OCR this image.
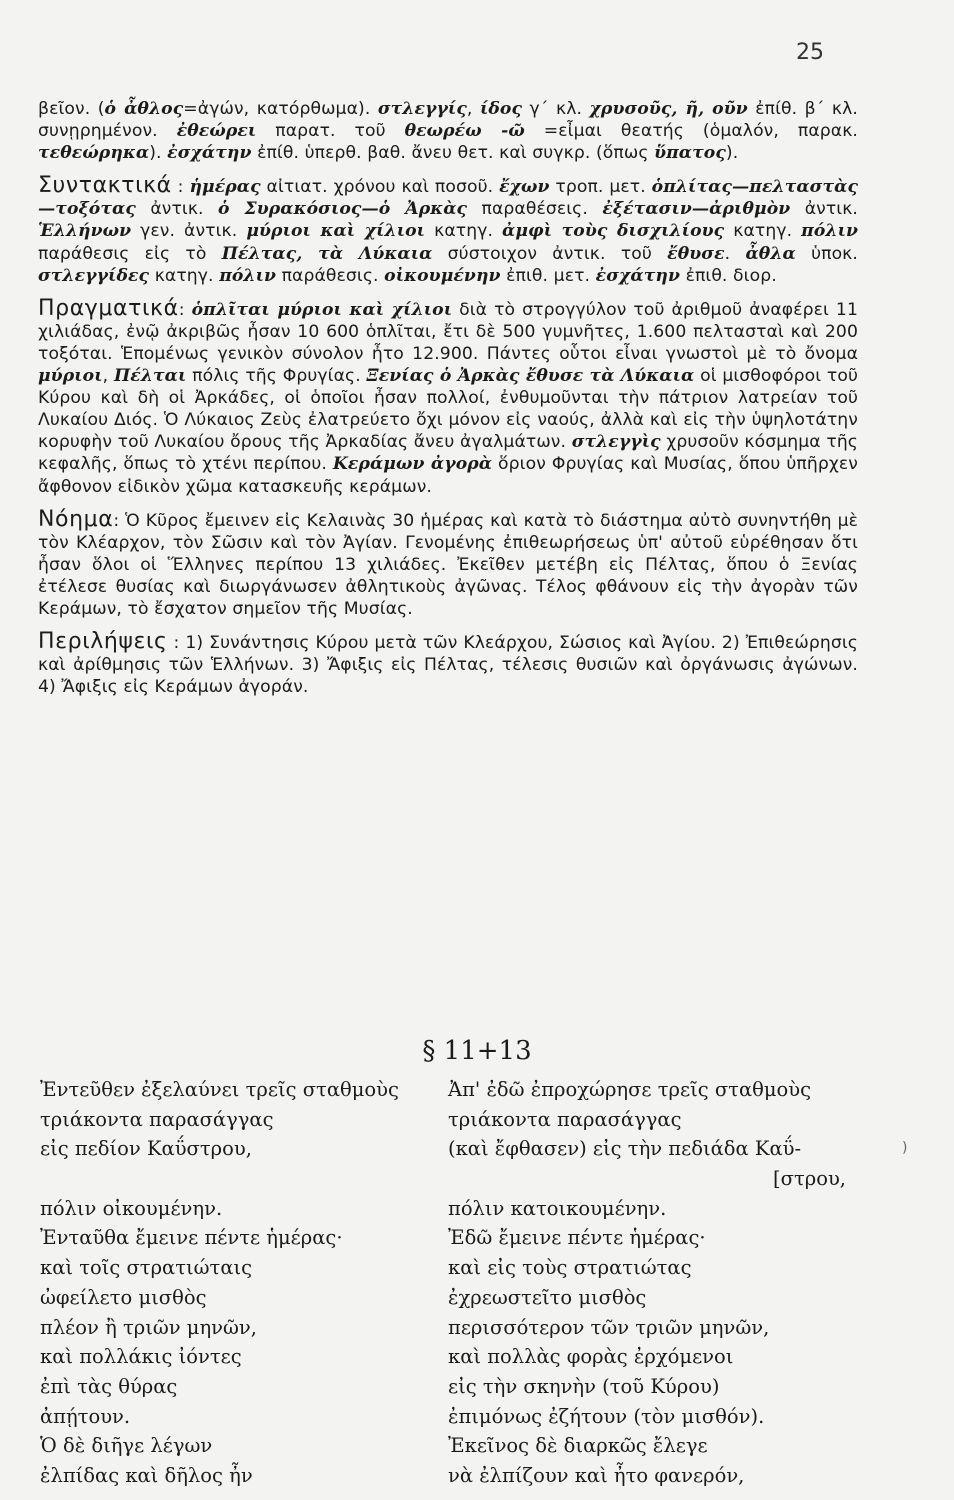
25

βεῖον. (ὁ ἆθλος=ἀγών, κατόρθωμα). στλεγγίς, ίδος γ΄ κλ. χρυσοῦς, ῆ, οῦν ἐπίθ. β΄ κλ. συνῃρημένον. ἐθεώρει παρατ. τοῦ θεωρέω -ῶ =εἶμαι θεατής (ὁμαλόν, παρακ. τεθεώρηκα). ἐσχάτην ἐπίθ. ὑπερθ. βαθ. ἄνευ θετ. καὶ συγκρ. (ὅπως ὕπατος).

Συντακτικά : ἡμέρας αἰτιατ. χρόνου καὶ ποσοῦ. ἔχων τροπ. μετ. ὁπλίτας—πελταστὰς—τοξότας ἀντικ. ὁ Συρακόσιος—ὁ Ἀρκὰς παραθέσεις. ἐξέτασιν—ἀριθμὸν ἀντικ. Ἑλλήνων γεν. ἀντικ. μύριοι καὶ χίλιοι κατηγ. ἀμφὶ τοὺς δισχιλίους κατηγ. πόλιν παράθεσις εἰς τὸ Πέλτας, τὰ Λύκαια σύστοιχον ἀντικ. τοῦ ἔθυσε. ἆθλα ὑποκ. στλεγγίδες κατηγ. πόλιν παράθεσις. οἰκουμένην ἐπιθ. μετ. ἐσχάτην ἐπιθ. διορ.

Πραγματικά: ὁπλῖται μύριοι καὶ χίλιοι διὰ τὸ στρογγύλον τοῦ ἀριθμοῦ ἀναφέρει 11 χιλιάδας, ἐνῷ ἀκριβῶς ἦσαν 10 600 ὁπλῖται, ἔτι δὲ 500 γυμνῆτες, 1.600 πελτασταὶ καὶ 200 τοξόται. Ἑπομένως γενικὸν σύνολον ἦτο 12.900. Πάντες οὗτοι εἶναι γνωστοὶ μὲ τὸ ὄνομα μύριοι, Πέλται πόλις τῆς Φρυγίας. Ξενίας ὁ Ἀρκὰς ἔθυσε τὰ Λύκαια οἱ μισθοφόροι τοῦ Κύρου καὶ δὴ οἱ Ἀρκάδες, οἱ ὁποῖοι ἦσαν πολλοί, ἐνθυμοῦνται τὴν πάτριον λατρείαν τοῦ Λυκαίου Διός. Ὁ Λύκαιος Ζεὺς ἐλατρεύετο ὄχι μόνον εἰς ναούς, ἀλλὰ καὶ εἰς τὴν ὑψηλοτάτην κορυφὴν τοῦ Λυκαίου ὄρους τῆς Ἀρκαδίας ἄνευ ἀγαλμάτων. στλεγγὶς χρυσοῦν κόσμημα τῆς κεφαλῆς, ὅπως τὸ χτένι περίπου. Κεράμων ἀγορὰ ὅριον Φρυγίας καὶ Μυσίας, ὅπου ὑπῆρχεν ἄφθονον εἰδικὸν χῶμα κατασκευῆς κεράμων.

Νόημα: Ὁ Κῦρος ἔμεινεν εἰς Κελαινὰς 30 ἡμέρας καὶ κατὰ τὸ διάστημα αὐτὸ συνηντήθη μὲ τὸν Κλέαρχον, τὸν Σῶσιν καὶ τὸν Ἀγίαν. Γενομένης ἐπιθεωρήσεως ὑπ' αὐτοῦ εὑρέθησαν ὅτι ἦσαν ὅλοι οἱ Ἕλληνες περίπου 13 χιλιάδες. Ἐκεῖθεν μετέβη εἰς Πέλτας, ὅπου ὁ Ξενίας ἐτέλεσε θυσίας καὶ διωργάνωσεν ἀθλητικοὺς ἀγῶνας. Τέλος φθάνουν εἰς τὴν ἀγορὰν τῶν Κεράμων, τὸ ἔσχατον σημεῖον τῆς Μυσίας.

Περιλήψεις : 1) Συνάντησις Κύρου μετὰ τῶν Κλεάρχου, Σώσιος καὶ Ἀγίου. 2) Ἐπιθεώρησις καὶ ἀρίθμησις τῶν Ἑλλήνων. 3) Ἄφιξις εἰς Πέλτας, τέλεσις θυσιῶν καὶ ὀργάνωσις ἀγώνων. 4) Ἄφιξις εἰς Κεράμων ἀγοράν.

§ 11+13
Ἐντεῦθεν ἐξελαύνει τρεῖς σταθμοὺς
τριάκοντα παρασάγγας
εἰς πεδίον Καΰστρου,
πόλιν οἰκουμένην.
Ἐνταῦθα ἔμεινε πέντε ἡμέρας·
καὶ τοῖς στρατιώταις
ὠφείλετο μισθὸς
πλέον ἢ τριῶν μηνῶν,
καὶ πολλάκις ἰόντες
ἐπὶ τὰς θύρας
ἀπῄτουν.
Ὁ δὲ διῆγε λέγων
ἐλπίδας καὶ δῆλος ἦν
Ἀπ' ἐδῶ ἐπροχώρησε τρεῖς σταθμοὺς
τριάκοντα παρασάγγας
(καὶ ἔφθασεν) εἰς τὴν πεδιάδα Καΰ-
[στρου,
πόλιν κατοικουμένην.
Ἐδῶ ἔμεινε πέντε ἡμέρας·
καὶ εἰς τοὺς στρατιώτας
ἐχρεωστεῖτο μισθὸς
περισσότερον τῶν τριῶν μηνῶν,
καὶ πολλὰς φορὰς ἐρχόμενοι
εἰς τὴν σκηνὴν (τοῦ Κύρου)
ἐπιμόνως ἐζήτουν (τὸν μισθόν).
Ἐκεῖνος δὲ διαρκῶς ἔλεγε
νὰ ἐλπίζουν καὶ ἦτο φανερόν,
)
